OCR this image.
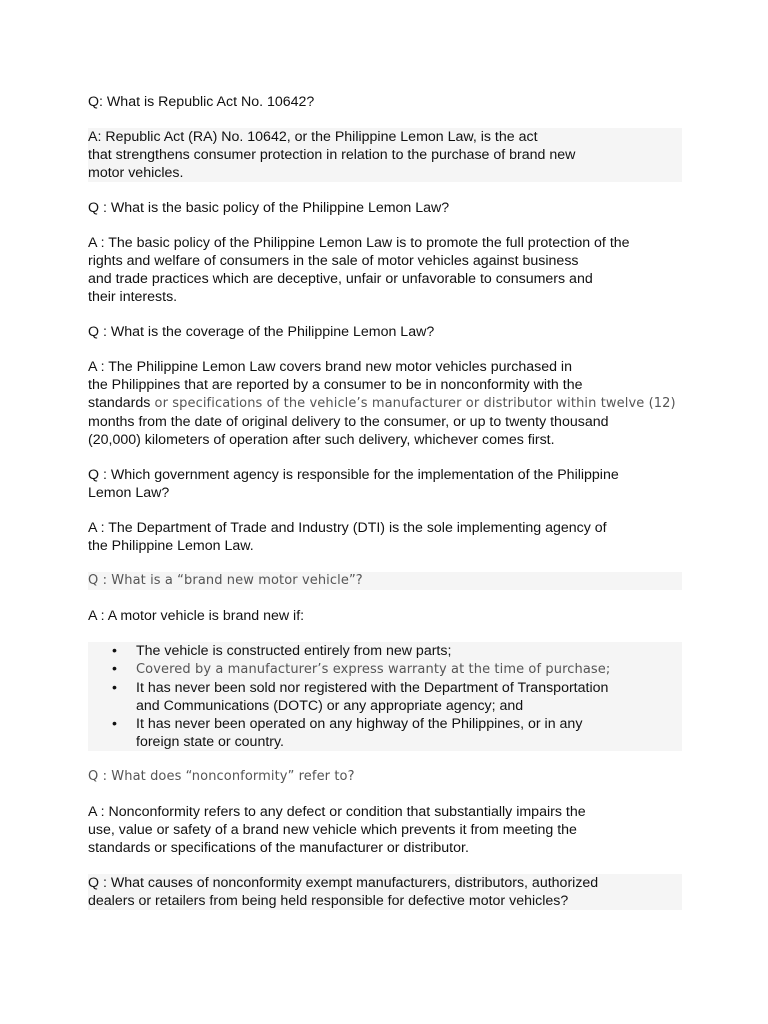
Q: What is Republic Act No. 10642?

A: Republic Act (RA) No. 10642, or the Philippine Lemon Law, is the act
that strengthens consumer protection in relation to the purchase of brand new
motor vehicles.

Q : What is the basic policy of the Philippine Lemon Law?

A : The basic policy of the Philippine Lemon Law is to promote the full protection of the
rights and welfare of consumers in the sale of motor vehicles against business
and trade practices which are deceptive, unfair or unfavorable to consumers and
their interests.

Q : What is the coverage of the Philippine Lemon Law?

A : The Philippine Lemon Law covers brand new motor vehicles purchased in
the Philippines that are reported by a consumer to be in nonconformity with the
standards or specifications of the vehicle’s manufacturer or distributor within twelve (12)
months from the date of original delivery to the consumer, or up to twenty thousand
(20,000) kilometers of operation after such delivery, whichever comes first.

Q : Which government agency is responsible for the implementation of the Philippine
Lemon Law?

A : The Department of Trade and Industry (DTI) is the sole implementing agency of
the Philippine Lemon Law.

Q : What is a “brand new motor vehicle”?

A : A motor vehicle is brand new if:

• The vehicle is constructed entirely from new parts;
• Covered by a manufacturer’s express warranty at the time of purchase;
• It has never been sold nor registered with the Department of Transportation
and Communications (DOTC) or any appropriate agency; and
• It has never been operated on any highway of the Philippines, or in any
foreign state or country.

Q : What does “nonconformity” refer to?

A : Nonconformity refers to any defect or condition that substantially impairs the
use, value or safety of a brand new vehicle which prevents it from meeting the
standards or specifications of the manufacturer or distributor.

Q : What causes of nonconformity exempt manufacturers, distributors, authorized
dealers or retailers from being held responsible for defective motor vehicles?
